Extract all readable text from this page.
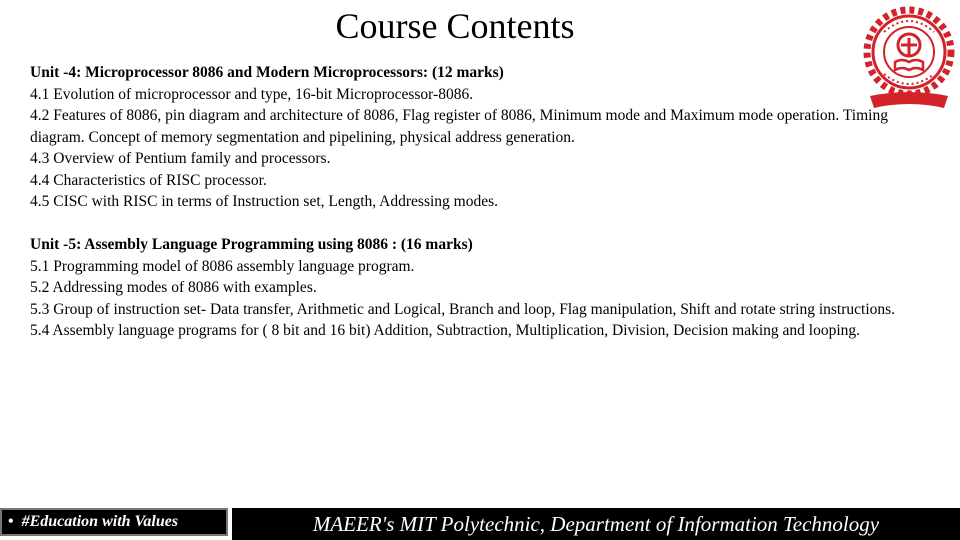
Course Contents

Unit -4: Microprocessor 8086 and Modern Microprocessors: (12 marks)

4.1 Evolution of microprocessor and type, 16-bit Microprocessor-8086.

4.2 Features of 8086, pin diagram and architecture of 8086, Flag register of 8086, Minimum mode and Maximum mode operation. Timing diagram. Concept of memory segmentation and pipelining, physical address generation.

4.3 Overview of Pentium family and processors.

4.4 Characteristics of RISC processor.

4.5 CISC with RISC in terms of Instruction set, Length, Addressing modes.

Unit -5: Assembly Language Programming using 8086 : (16 marks)

5.1 Programming model of 8086 assembly language program.

5.2 Addressing modes of 8086 with examples.

5.3 Group of instruction set- Data transfer, Arithmetic and Logical, Branch and loop, Flag manipulation, Shift and rotate string instructions.

5.4 Assembly language programs for ( 8 bit and 16 bit) Addition, Subtraction, Multiplication, Division, Decision making and looping.

• #Education with Values	MAEER's MIT Polytechnic, Department of Information Technology
